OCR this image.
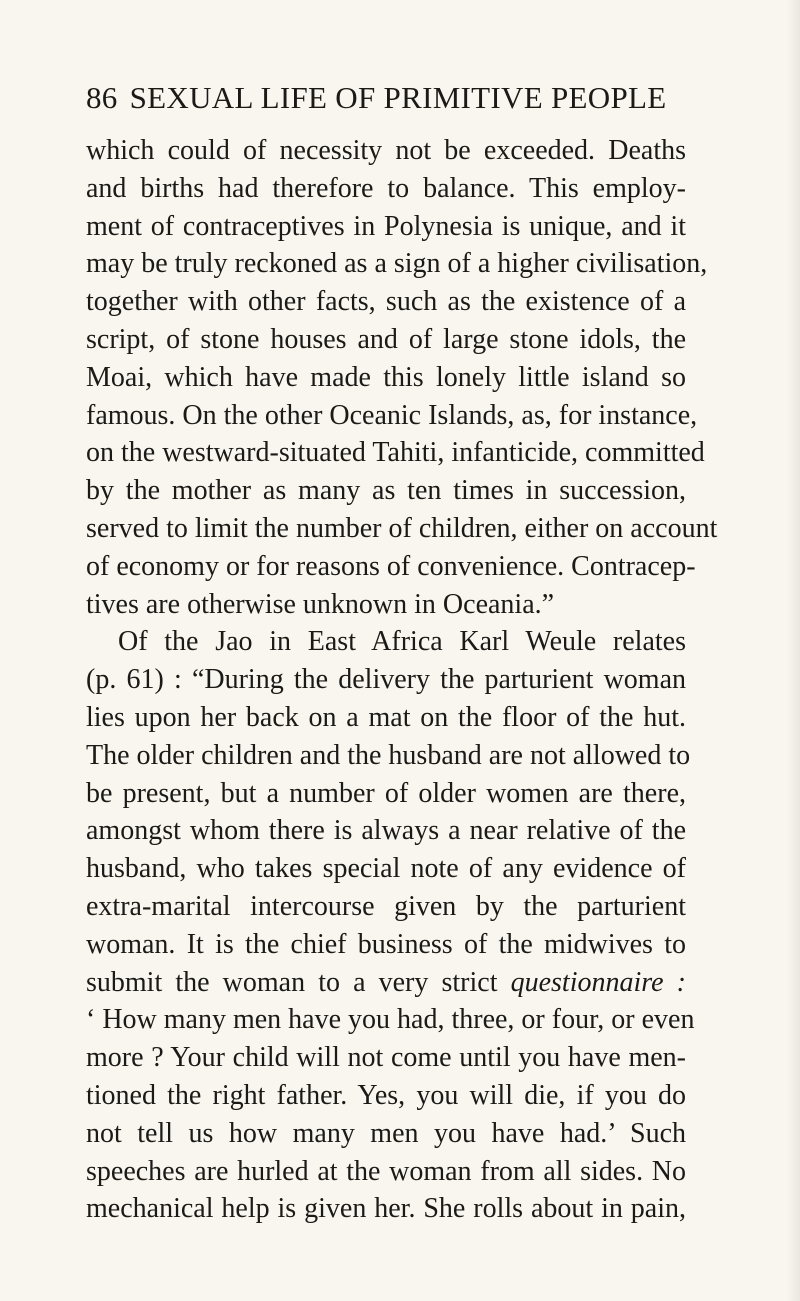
86 SEXUAL LIFE OF PRIMITIVE PEOPLE
which could of necessity not be exceeded. Deaths
and births had therefore to balance. This employ-
ment of contraceptives in Polynesia is unique, and it
may be truly reckoned as a sign of a higher civilisation,
together with other facts, such as the existence of a
script, of stone houses and of large stone idols, the
Moai, which have made this lonely little island so
famous. On the other Oceanic Islands, as, for instance,
on the westward-situated Tahiti, infanticide, committed
by the mother as many as ten times in succession,
served to limit the number of children, either on account
of economy or for reasons of convenience. Contracep-
tives are otherwise unknown in Oceania.”
Of the Jao in East Africa Karl Weule relates
(p. 61) : “During the delivery the parturient woman
lies upon her back on a mat on the floor of the hut.
The older children and the husband are not allowed to
be present, but a number of older women are there,
amongst whom there is always a near relative of the
husband, who takes special note of any evidence of
extra-marital intercourse given by the parturient
woman. It is the chief business of the midwives to
submit the woman to a very strict questionnaire :
‘ How many men have you had, three, or four, or even
more ? Your child will not come until you have men-
tioned the right father. Yes, you will die, if you do
not tell us how many men you have had.’ Such
speeches are hurled at the woman from all sides. No
mechanical help is given her. She rolls about in pain,
